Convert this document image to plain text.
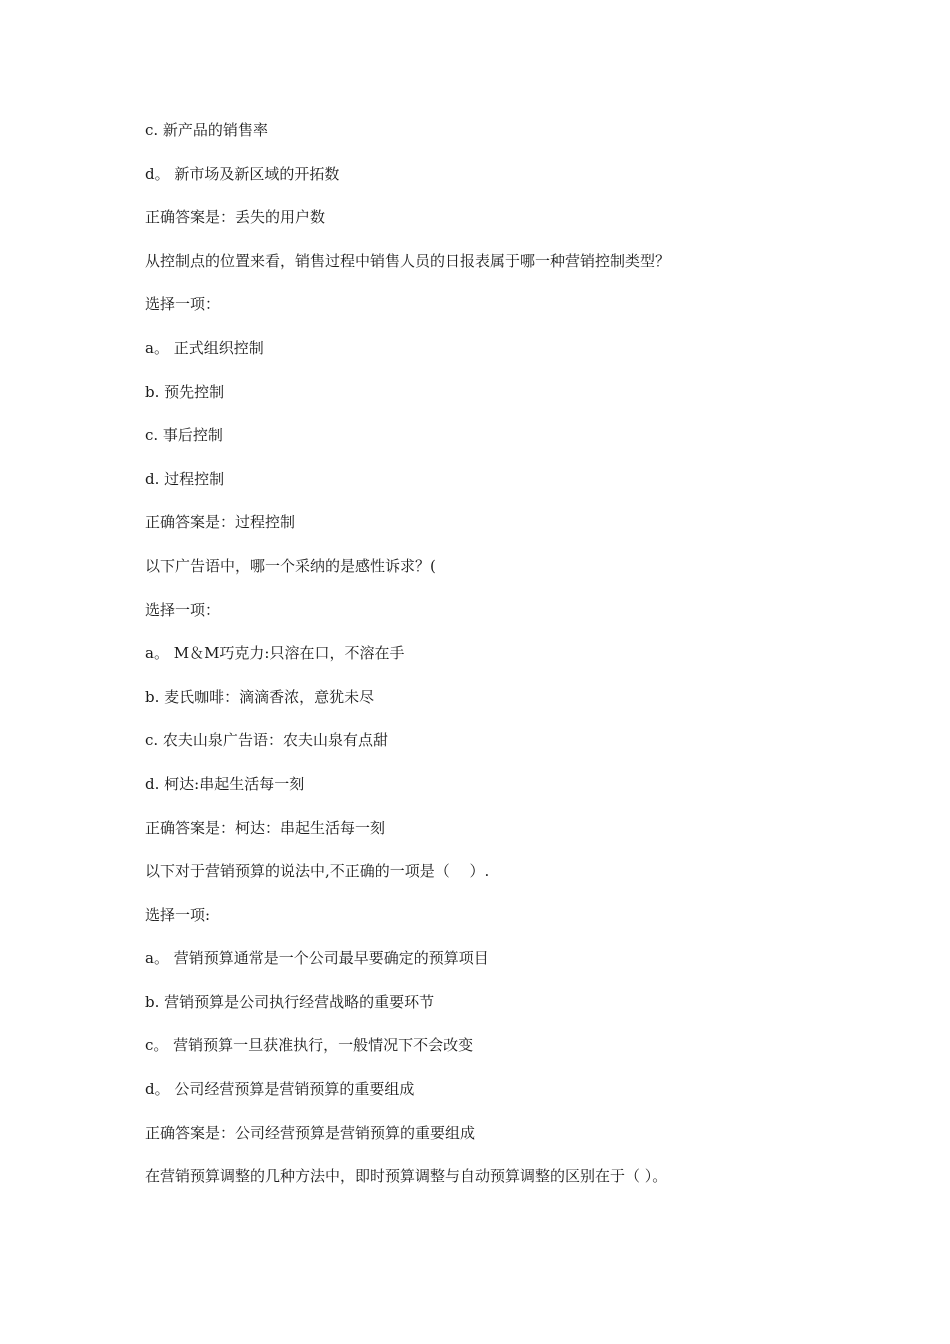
c. 新产品的销售率
d。 新市场及新区域的开拓数
正确答案是：丢失的用户数
从控制点的位置来看，销售过程中销售人员的日报表属于哪一种营销控制类型？
选择一项：
a。 正式组织控制
b. 预先控制
c. 事后控制
d. 过程控制
正确答案是：过程控制
以下广告语中，哪一个采纳的是感性诉求？(
选择一项：
a。 M＆M巧克力:只溶在口，不溶在手
b. 麦氏咖啡：滴滴香浓，意犹未尽
c. 农夫山泉广告语：农夫山泉有点甜
d. 柯达:串起生活每一刻
正确答案是：柯达：串起生活每一刻
以下对于营销预算的说法中,不正确的一项是（　 ）.
选择一项:
a。 营销预算通常是一个公司最早要确定的预算项目
b. 营销预算是公司执行经营战略的重要环节
c。 营销预算一旦获准执行，一般情况下不会改变
d。 公司经营预算是营销预算的重要组成
正确答案是：公司经营预算是营销预算的重要组成
在营销预算调整的几种方法中，即时预算调整与自动预算调整的区别在于（ ）。
